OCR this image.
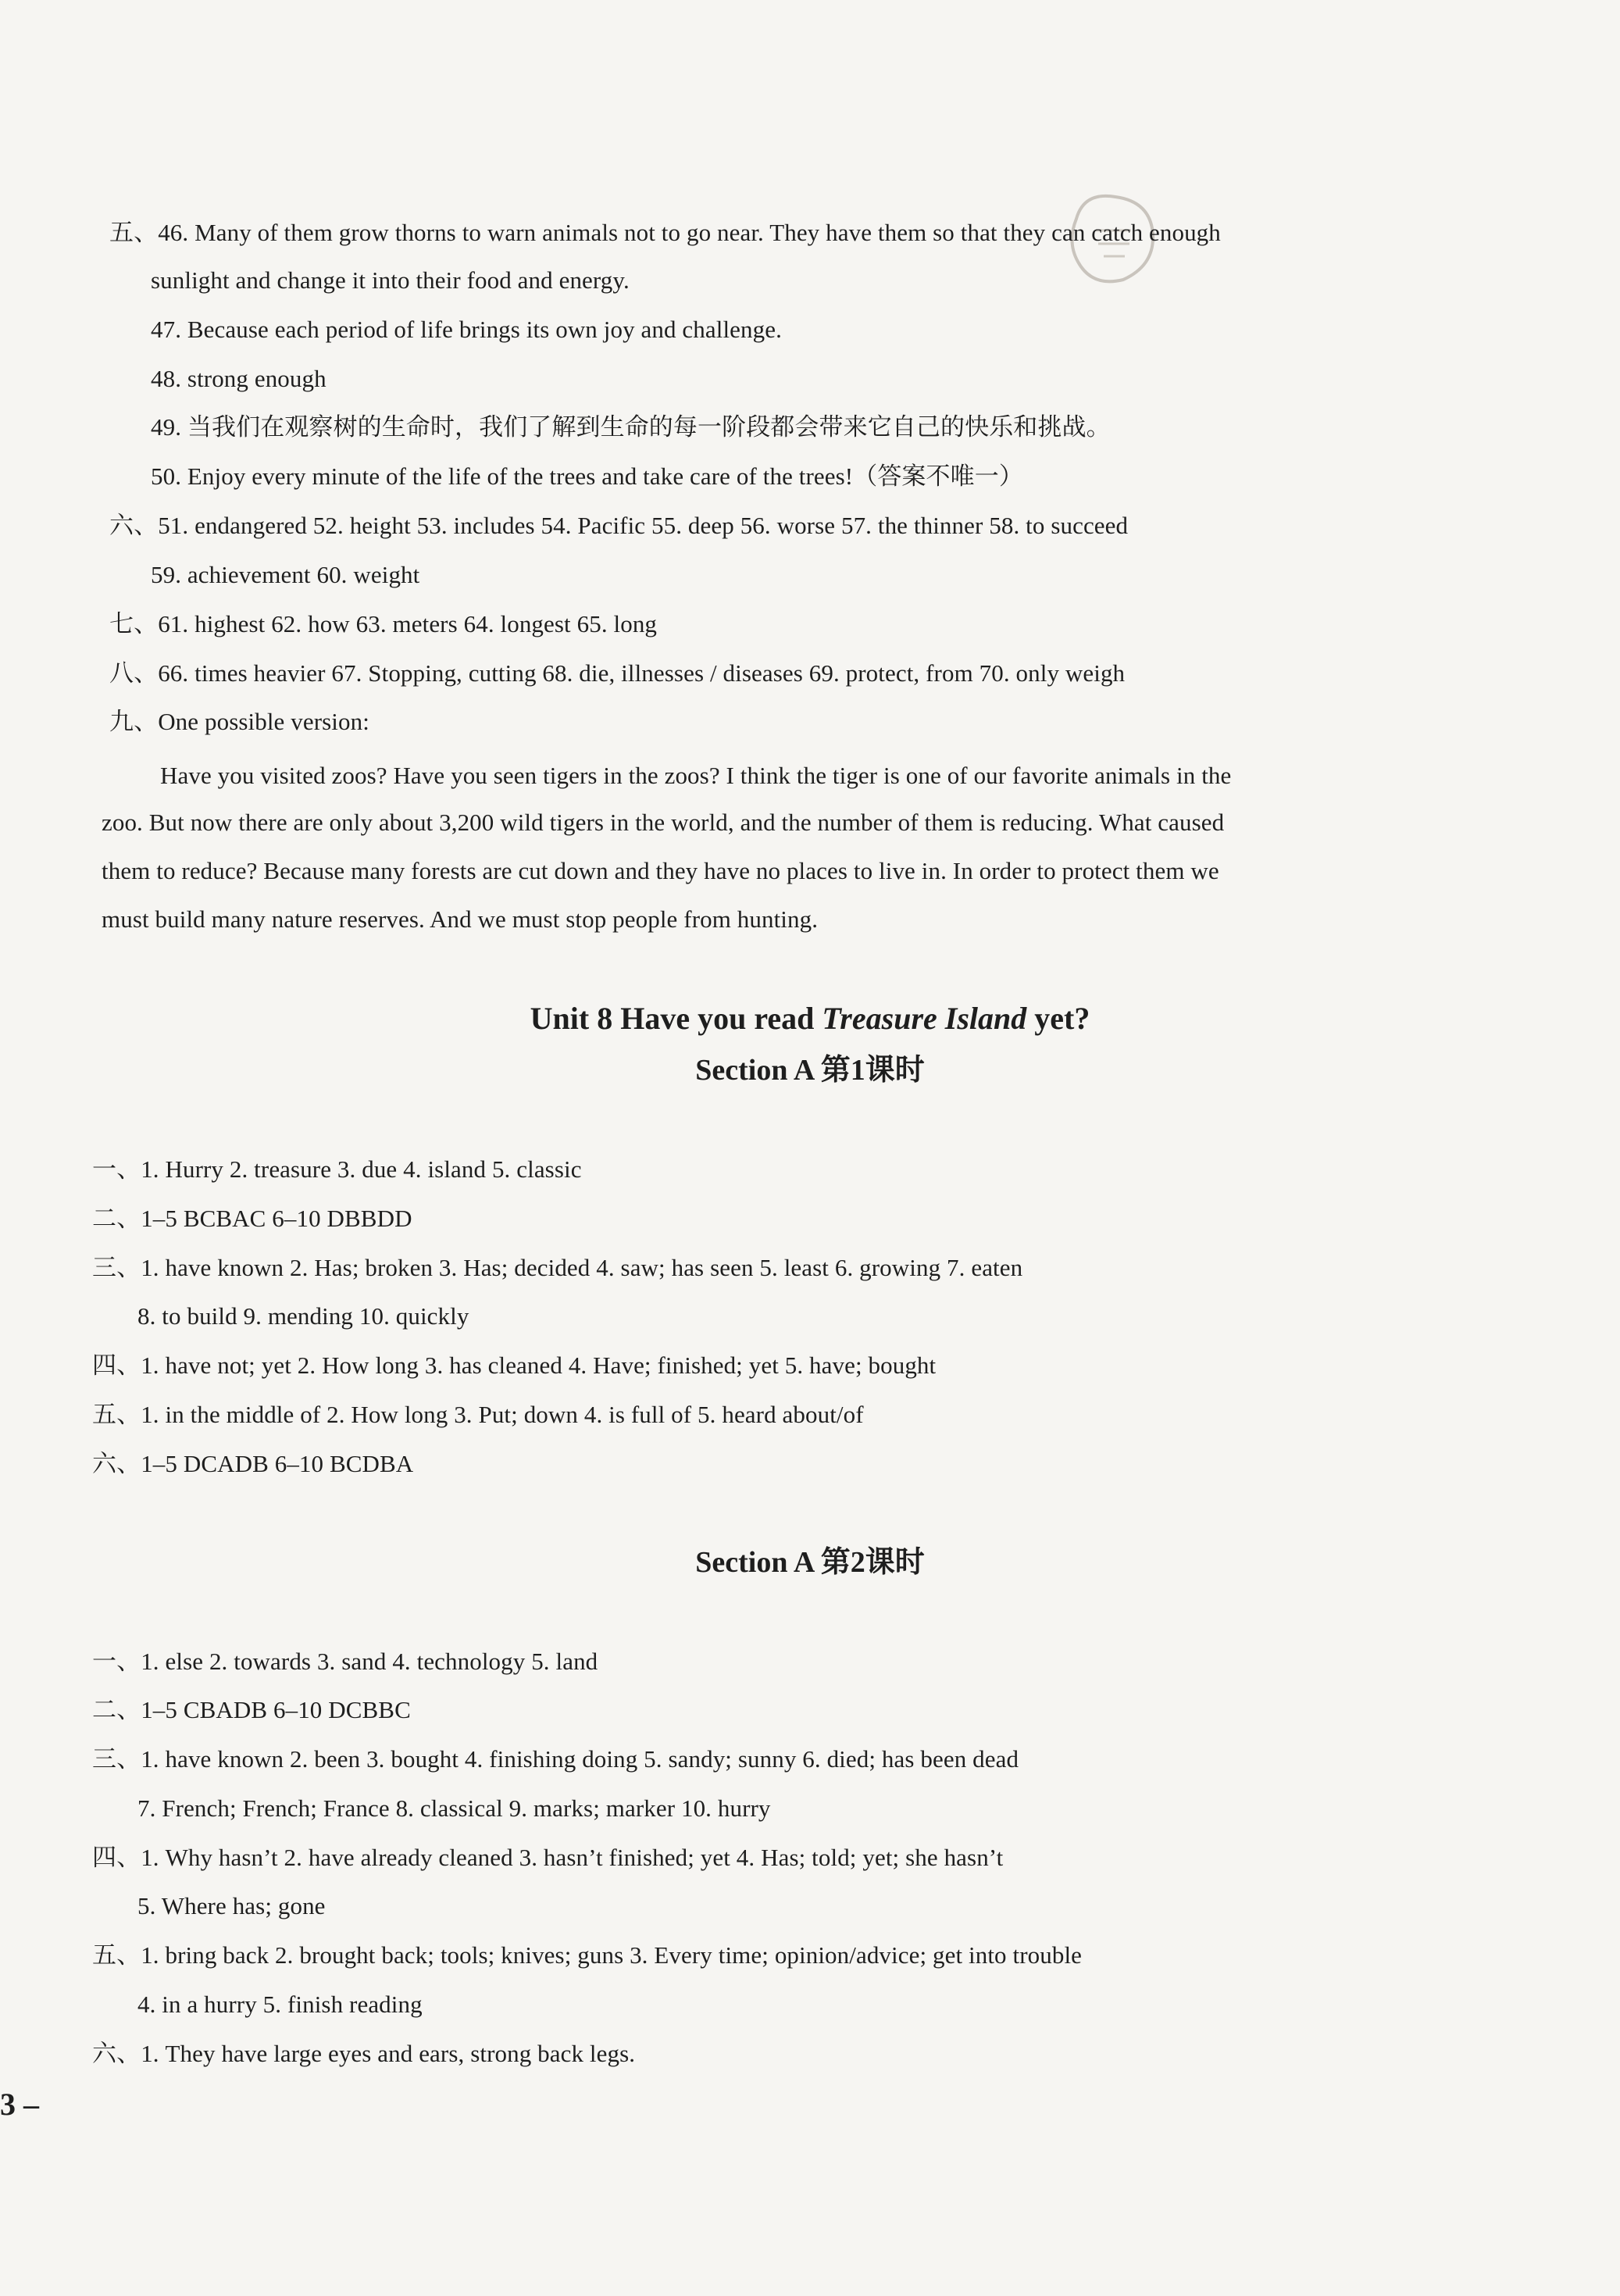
五、46. Many of them grow thorns to warn animals not to go near. They have them so that they can catch enough
sunlight and change it into their food and energy.
47. Because each period of life brings its own joy and challenge.
48. strong enough
49. 当我们在观察树的生命时，我们了解到生命的每一阶段都会带来它自己的快乐和挑战。
50. Enjoy every minute of the life of the trees and take care of the trees!（答案不唯一）
六、51. endangered 52. height 53. includes 54. Pacific 55. deep 56. worse 57. the thinner 58. to succeed
59. achievement 60. weight
七、61. highest 62. how 63. meters 64. longest 65. long
八、66. times heavier 67. Stopping, cutting 68. die, illnesses / diseases 69. protect, from 70. only weigh
九、One possible version:
Have you visited zoos? Have you seen tigers in the zoos? I think the tiger is one of our favorite animals in the
zoo. But now there are only about 3,200 wild tigers in the world, and the number of them is reducing. What caused
them to reduce? Because many forests are cut down and they have no places to live in. In order to protect them we
must build many nature reserves. And we must stop people from hunting.
Unit 8 Have you read Treasure Island yet?
Section A 第1课时
一、1. Hurry 2. treasure 3. due 4. island 5. classic
二、1–5 BCBAC 6–10 DBBDD
三、1. have known 2. Has; broken 3. Has; decided 4. saw; has seen 5. least 6. growing 7. eaten
8. to build 9. mending 10. quickly
四、1. have not; yet 2. How long 3. has cleaned 4. Have; finished; yet 5. have; bought
五、1. in the middle of 2. How long 3. Put; down 4. is full of 5. heard about/of
六、1–5 DCADB 6–10 BCDBA
Section A 第2课时
一、1. else 2. towards 3. sand 4. technology 5. land
二、1–5 CBADB 6–10 DCBBC
三、1. have known 2. been 3. bought 4. finishing doing 5. sandy; sunny 6. died; has been dead
7. French; French; France 8. classical 9. marks; marker 10. hurry
四、1. Why hasn’t 2. have already cleaned 3. hasn’t finished; yet 4. Has; told; yet; she hasn’t
5. Where has; gone
五、1. bring back 2. brought back; tools; knives; guns 3. Every time; opinion/advice; get into trouble
4. in a hurry 5. finish reading
六、1. They have large eyes and ears, strong back legs.
3 –
